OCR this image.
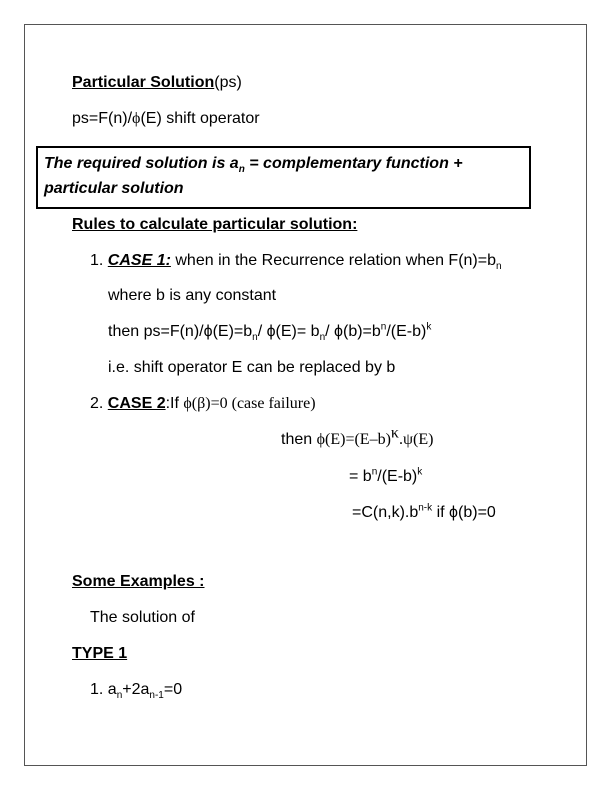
Particular Solution(ps)
ps=F(n)/ϕ(E) shift operator
The required solution is $a_n$ = complementary function +
particular solution
Rules to calculate particular solution:
1. CASE 1: when in the Recurrence relation when $F(n)=b_n$
where b is any constant
then $ps=F(n)/\phi(E)=b_n/$ $\phi(E)= b_n/$ $\phi(b)=b^n/(E-b)^k$
i.e. shift operator E can be replaced by b
2. CASE 2:If ϕ(β)=0 (case failure)
then $\phi(E)=(E-b)^\kappa.\psi(E)$
= $b^n/(E-b)^k$
$=C(n,k).b^{n-k}$ if ϕ(b)=0
Some Examples :
The solution of
TYPE 1
1. $a_n+2a_{n-1}=0$
